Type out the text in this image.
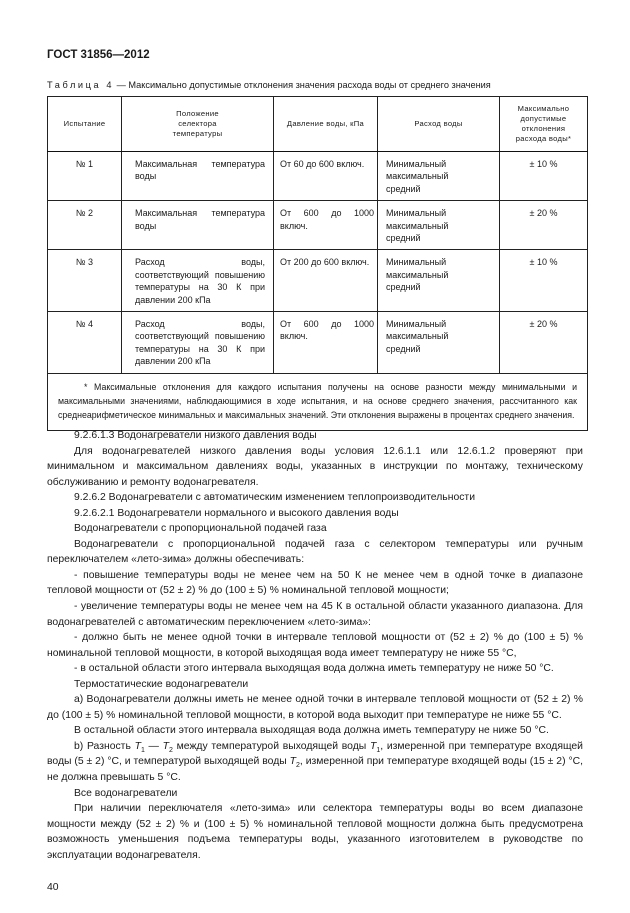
ГОСТ 31856—2012
Таблица 4 — Максимально допустимые отклонения значения расхода воды от среднего значения
Испытание	Положение селектора температуры	Давление воды, кПа	Расход воды	Максимально допустимые отклонения расхода воды*

№ 1	Максимальная температура воды	От 60 до 600 включ.	Минимальный
максимальный
средний	± 10 %
№ 2	Максимальная температура воды	От 600 до 1000 включ.	Минимальный
максимальный
средний	± 20 %
№ 3	Расход воды, соответствующий повышению температуры на 30 К при давлении 200 кПа	От 200 до 600 включ.	Минимальный
максимальный
средний	± 10 %
№ 4	Расход воды, соответствующий повышению температуры на 30 К при давлении 200 кПа	От 600 до 1000 включ.	Минимальный
максимальный
средний	± 20 %
* Максимальные отклонения для каждого испытания получены на основе разности между минимальными и максимальными значениями, наблюдающимися в ходе испытания, и на основе среднего значения, рассчитанного как среднеарифметическое минимальных и максимальных значений. Эти отклонения выражены в процентах среднего значения.				

9.2.6.1.3 Водонагреватели низкого давления воды

Для водонагревателей низкого давления воды условия 12.6.1.1 или 12.6.1.2 проверяют при минимальном и максимальном давлениях воды, указанных в инструкции по монтажу, техническому обслуживанию и ремонту водонагревателя.

9.2.6.2 Водонагреватели с автоматическим изменением теплопроизводительности

9.2.6.2.1 Водонагреватели нормального и высокого давления воды

Водонагреватели с пропорциональной подачей газа

Водонагреватели с пропорциональной подачей газа с селектором температуры или ручным переключателем «лето-зима» должны обеспечивать:

- повышение температуры воды не менее чем на 50 К не менее чем в одной точке в диапазоне тепловой мощности от (52 ± 2) % до (100 ± 5) % номинальной тепловой мощности;

- увеличение температуры воды не менее чем на 45 К в остальной области указанного диапазона. Для водонагревателей с автоматическим переключением «лето-зима»:

- должно быть не менее одной точки в интервале тепловой мощности от (52 ± 2) % до (100 ± 5) % номинальной тепловой мощности, в которой выходящая вода имеет температуру не ниже 55 °С,

- в остальной области этого интервала выходящая вода должна иметь температуру не ниже 50 °С.

Термостатические водонагреватели

а) Водонагреватели должны иметь не менее одной точки в интервале тепловой мощности от (52 ± 2) % до (100 ± 5) % номинальной тепловой мощности, в которой вода выходит при температуре не ниже 55 °С.

В остальной области этого интервала выходящая вода должна иметь температуру не ниже 50 °С.

b) Разность $T_1$ — $T_2$ между температурой выходящей воды $T_1$, измеренной при температуре входящей воды (5 ± 2) °С, и температурой выходящей воды $T_2$, измеренной при температуре входящей воды (15 ± 2) °С, не должна превышать 5 °С.

Все водонагреватели

При наличии переключателя «лето-зима» или селектора температуры воды во всем диапазоне мощности между (52 ± 2) % и (100 ± 5) % номинальной тепловой мощности должна быть предусмотрена возможность уменьшения подъема температуры воды, указанного изготовителем в руководстве по эксплуатации водонагревателя.

40
